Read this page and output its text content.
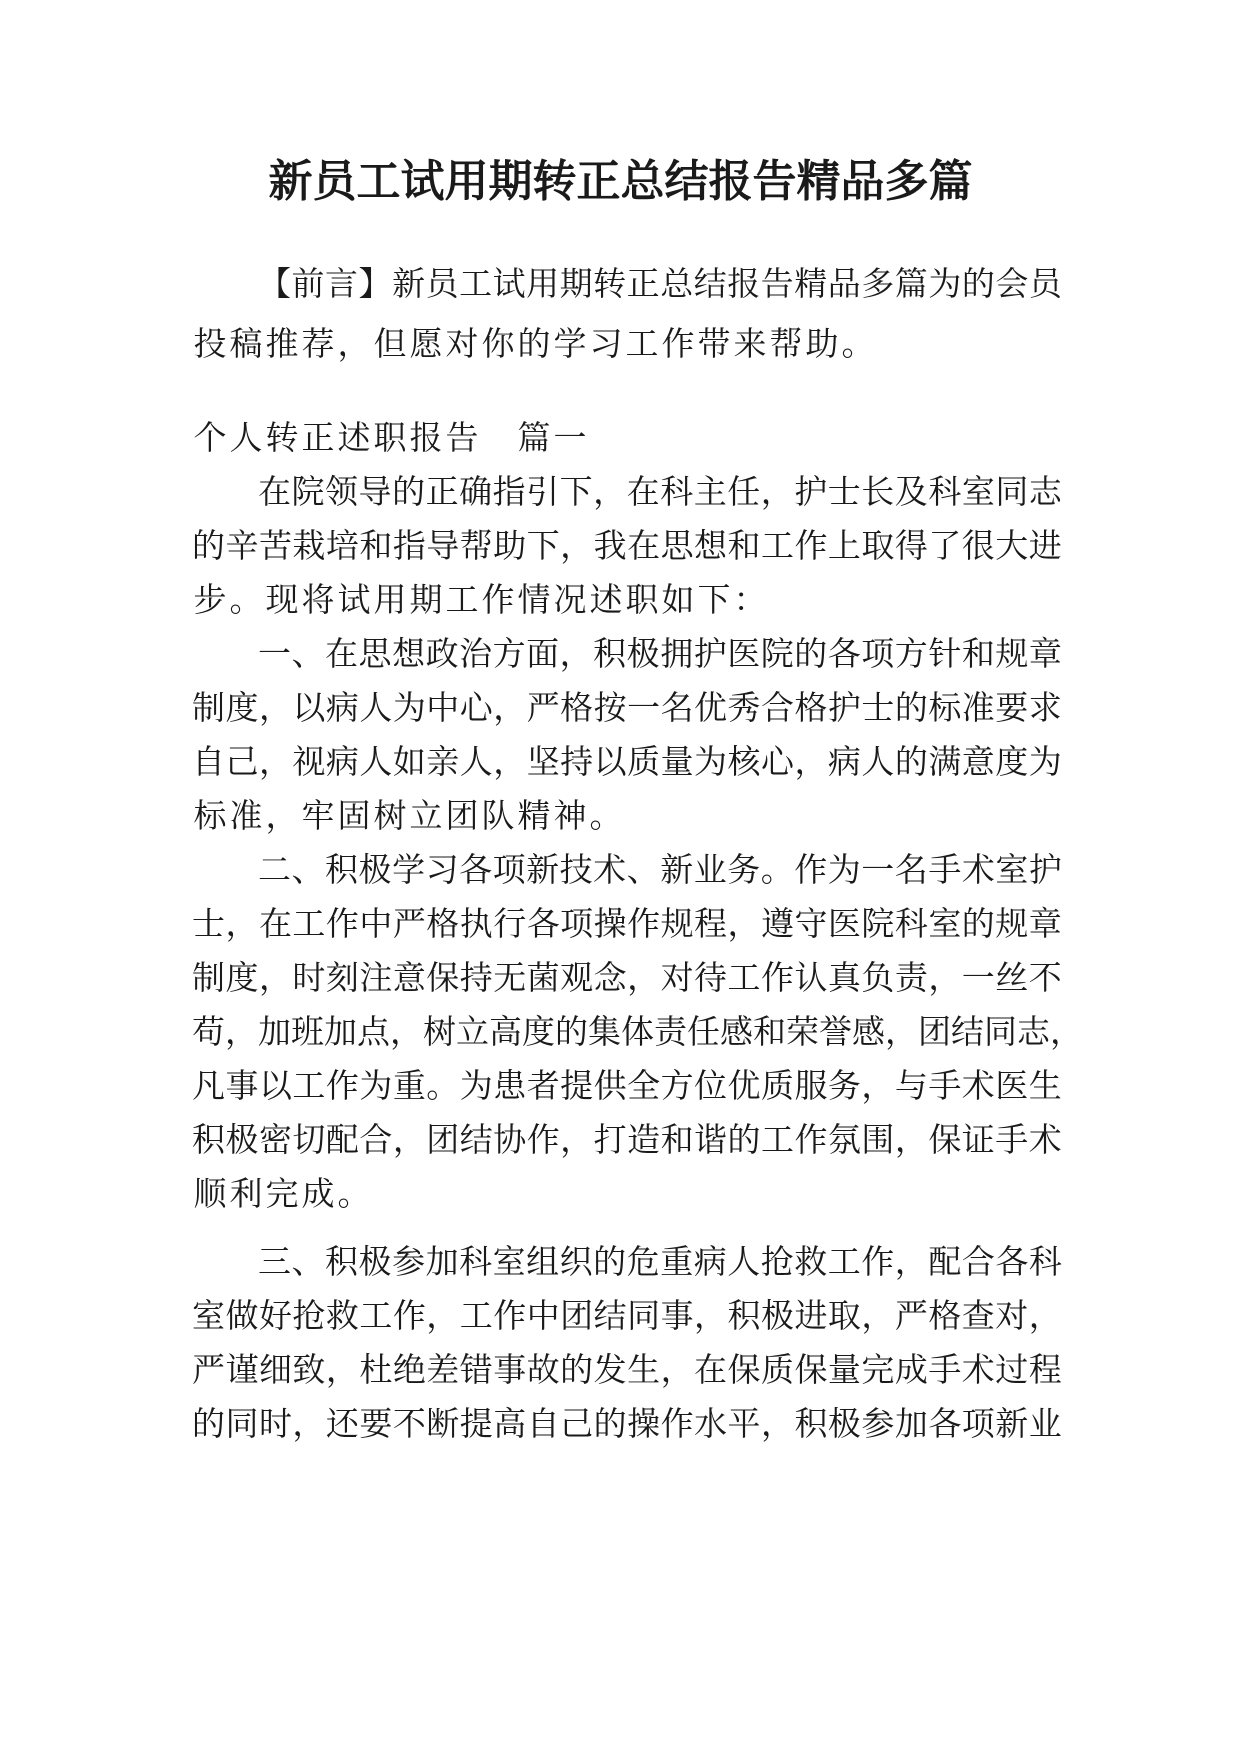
新员工试用期转正总结报告精品多篇
【 前 言 】 新 员 工 试 用 期 转 正 总 结 报 告 精 品 多 篇 为 的 会 员
投 稿 推 荐 ， 但 愿 对 你 的 学 习 工 作 带 来 帮 助 。
个 人 转 正 述 职 报 告 篇 一
在 院 领 导 的 正 确 指 引 下 ， 在 科 主 任 ， 护 士 长 及 科 室 同 志
的 辛 苦 栽 培 和 指 导 帮 助 下 ， 我 在 思 想 和 工 作 上 取 得 了 很 大 进
步 。 现 将 试 用 期 工 作 情 况 述 职 如 下 ：
一 、 在 思 想 政 治 方 面 ， 积 极 拥 护 医 院 的 各 项 方 针 和 规 章
制 度 ， 以 病 人 为 中 心 ， 严 格 按 一 名 优 秀 合 格 护 士 的 标 准 要 求
自 己 ， 视 病 人 如 亲 人 ， 坚 持 以 质 量 为 核 心 ， 病 人 的 满 意 度 为
标 准 ， 牢 固 树 立 团 队 精 神 。
二 、 积 极 学 习 各 项 新 技 术 、 新 业 务 。 作 为 一 名 手 术 室 护
士 ， 在 工 作 中 严 格 执 行 各 项 操 作 规 程 ， 遵 守 医 院 科 室 的 规 章
制 度 ， 时 刻 注 意 保 持 无 菌 观 念 ， 对 待 工 作 认 真 负 责 ， 一 丝 不
苟 ， 加 班 加 点 ， 树 立 高 度 的 集 体 责 任 感 和 荣 誉 感 ， 团 结 同 志 ，
凡 事 以 工 作 为 重 。 为 患 者 提 供 全 方 位 优 质 服 务 ， 与 手 术 医 生
积 极 密 切 配 合 ， 团 结 协 作 ， 打 造 和 谐 的 工 作 氛 围 ， 保 证 手 术
顺 利 完 成 。
三 、 积 极 参 加 科 室 组 织 的 危 重 病 人 抢 救 工 作 ， 配 合 各 科
室 做 好 抢 救 工 作 ， 工 作 中 团 结 同 事 ， 积 极 进 取 ， 严 格 查 对 ，
严 谨 细 致 ， 杜 绝 差 错 事 故 的 发 生 ， 在 保 质 保 量 完 成 手 术 过 程
的 同 时 ， 还 要 不 断 提 高 自 己 的 操 作 水 平 ， 积 极 参 加 各 项 新 业
